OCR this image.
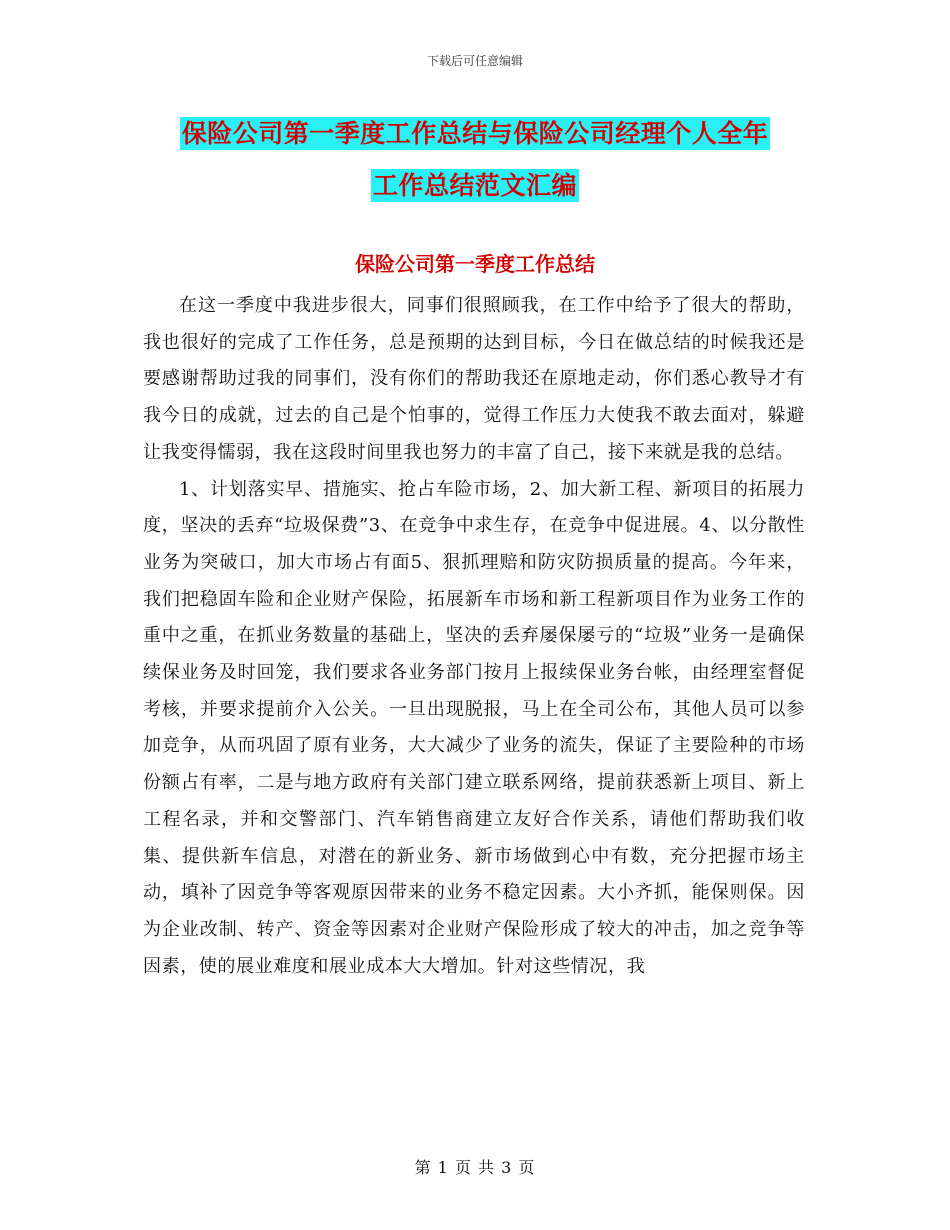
下载后可任意编辑
保险公司第一季度工作总结与保险公司经理个人全年
工作总结范文汇编
保险公司第一季度工作总结

在这一季度中我进步很大，同事们很照顾我，在工作中给予了很大的帮助，我也很好的完成了工作任务，总是预期的达到目标，今日在做总结的时候我还是要感谢帮助过我的同事们，没有你们的帮助我还在原地走动，你们悉心教导才有我今日的成就，过去的自己是个怕事的，觉得工作压力大使我不敢去面对，躲避让我变得懦弱，我在这段时间里我也努力的丰富了自己，接下来就是我的总结。

1、计划落实早、措施实、抢占车险市场，2、加大新工程、新项目的拓展力度，坚决的丢弃“垃圾保费”3、在竞争中求生存，在竞争中促进展。4、以分散性业务为突破口，加大市场占有面5、狠抓理赔和防灾防损质量的提高。今年来，我们把稳固车险和企业财产保险，拓展新车市场和新工程新项目作为业务工作的重中之重，在抓业务数量的基础上，坚决的丢弃屡保屡亏的“垃圾”业务一是确保续保业务及时回笼，我们要求各业务部门按月上报续保业务台帐，由经理室督促考核，并要求提前介入公关。一旦出现脱报，马上在全司公布，其他人员可以参加竞争，从而巩固了原有业务，大大减少了业务的流失，保证了主要险种的市场份额占有率，二是与地方政府有关部门建立联系网络，提前获悉新上项目、新上工程名录，并和交警部门、汽车销售商建立友好合作关系，请他们帮助我们收集、提供新车信息，对潜在的新业务、新市场做到心中有数，充分把握市场主动，填补了因竞争等客观原因带来的业务不稳定因素。大小齐抓，能保则保。因为企业改制、转产、资金等因素对企业财产保险形成了较大的冲击，加之竞争等因素，使的展业难度和展业成本大大增加。针对这些情况，我

第 1 页 共 3 页
